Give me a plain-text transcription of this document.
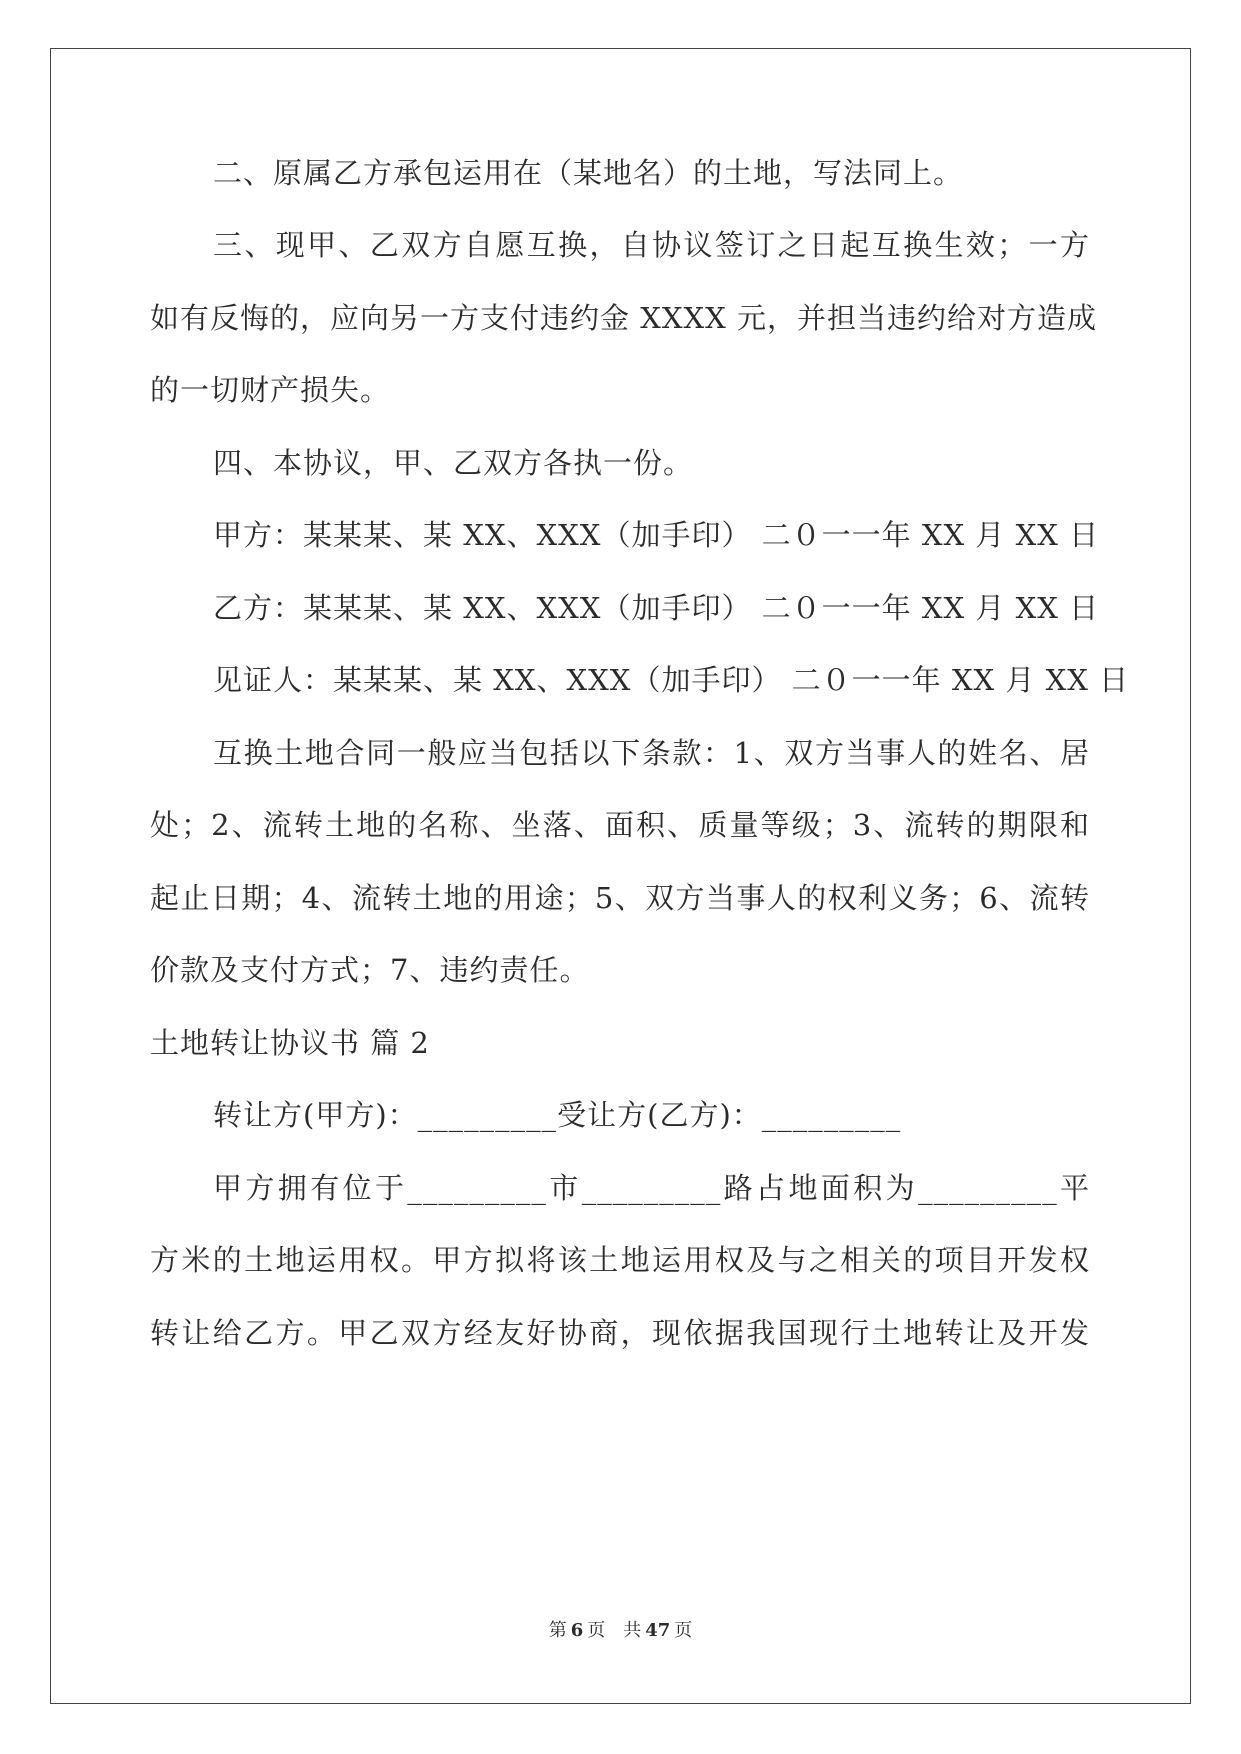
二、原属乙方承包运用在（某地名）的土地，写法同上。
三、现甲、乙双方自愿互换，自协议签订之日起互换生效；一方
如有反悔的，应向另一方支付违约金 XXXX 元，并担当违约给对方造成
的一切财产损失。
四、本协议，甲、乙双方各执一份。
甲方：某某某、某 XX、XXX（加手印） 二０一一年 XX 月 XX 日
乙方：某某某、某 XX、XXX（加手印） 二０一一年 XX 月 XX 日
见证人：某某某、某 XX、XXX（加手印） 二０一一年 XX 月 XX 日
互换土地合同一般应当包括以下条款：1、双方当事人的姓名、居
处；2、流转土地的名称、坐落、面积、质量等级；3、流转的期限和
起止日期；4、流转土地的用途；5、双方当事人的权利义务；6、流转
价款及支付方式；7、违约责任。
土地转让协议书 篇 2
转让方(甲方)：_________受让方(乙方)：_________
甲方拥有位于_________市_________路占地面积为_________平
方米的土地运用权。甲方拟将该土地运用权及与之相关的项目开发权
转让给乙方。甲乙双方经友好协商，现依据我国现行土地转让及开发
第 6 页　共 47 页
